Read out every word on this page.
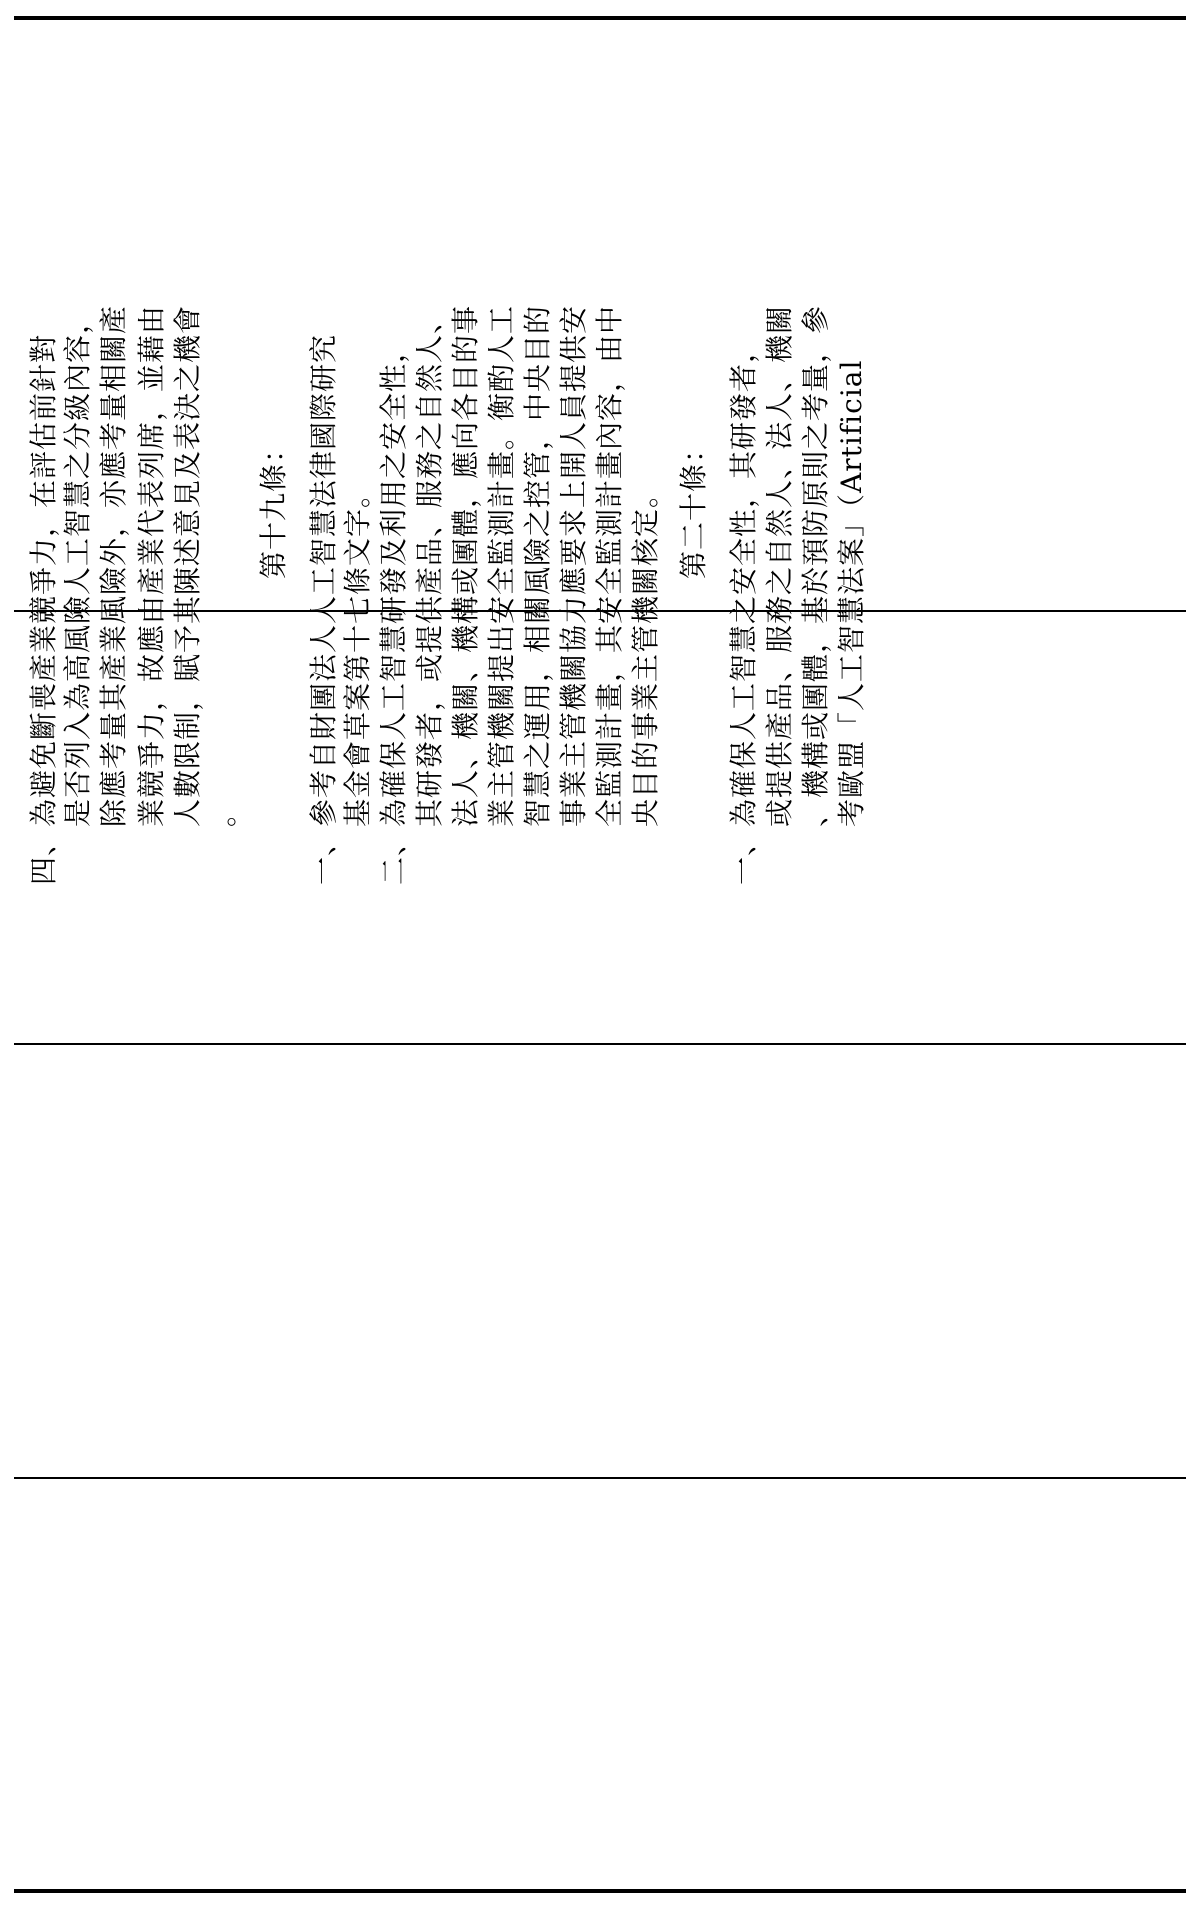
四、為避免斷喪產業競爭力，在評估前針對 是否列入為高風險人工智慧之分級內容， 除應考量其產業風險外，亦應考量相關產 業競爭力，故應由產業代表列席，並藉由 人數限制，賦予其陳述意見及表決之機會 。
第十九條： 一、參考自財團法人人工智慧法律國際研究 基金會草案第十七條文字。 二、為確保人工智慧研發及利用之安全性， 其研發者，或提供產品、服務之自然人、 法人、機關、機構或團體，應向各目的事 業主管機關提出安全監測計畫。衡酌人工 智慧之運用，相關風險之控管，中央目的 事業主管機關協力應要求上開人員提供安 全監測計畫，其安全監測計畫內容，由中 央目的事業主管機關核定。 第二十條： 一、為確保人工智慧之安全性，其研發者， 或提供產品、服務之自然人、法人、機關 、機構或團體，基於預防原則之考量，參 考歐盟「人工智慧法案」（Artificial
